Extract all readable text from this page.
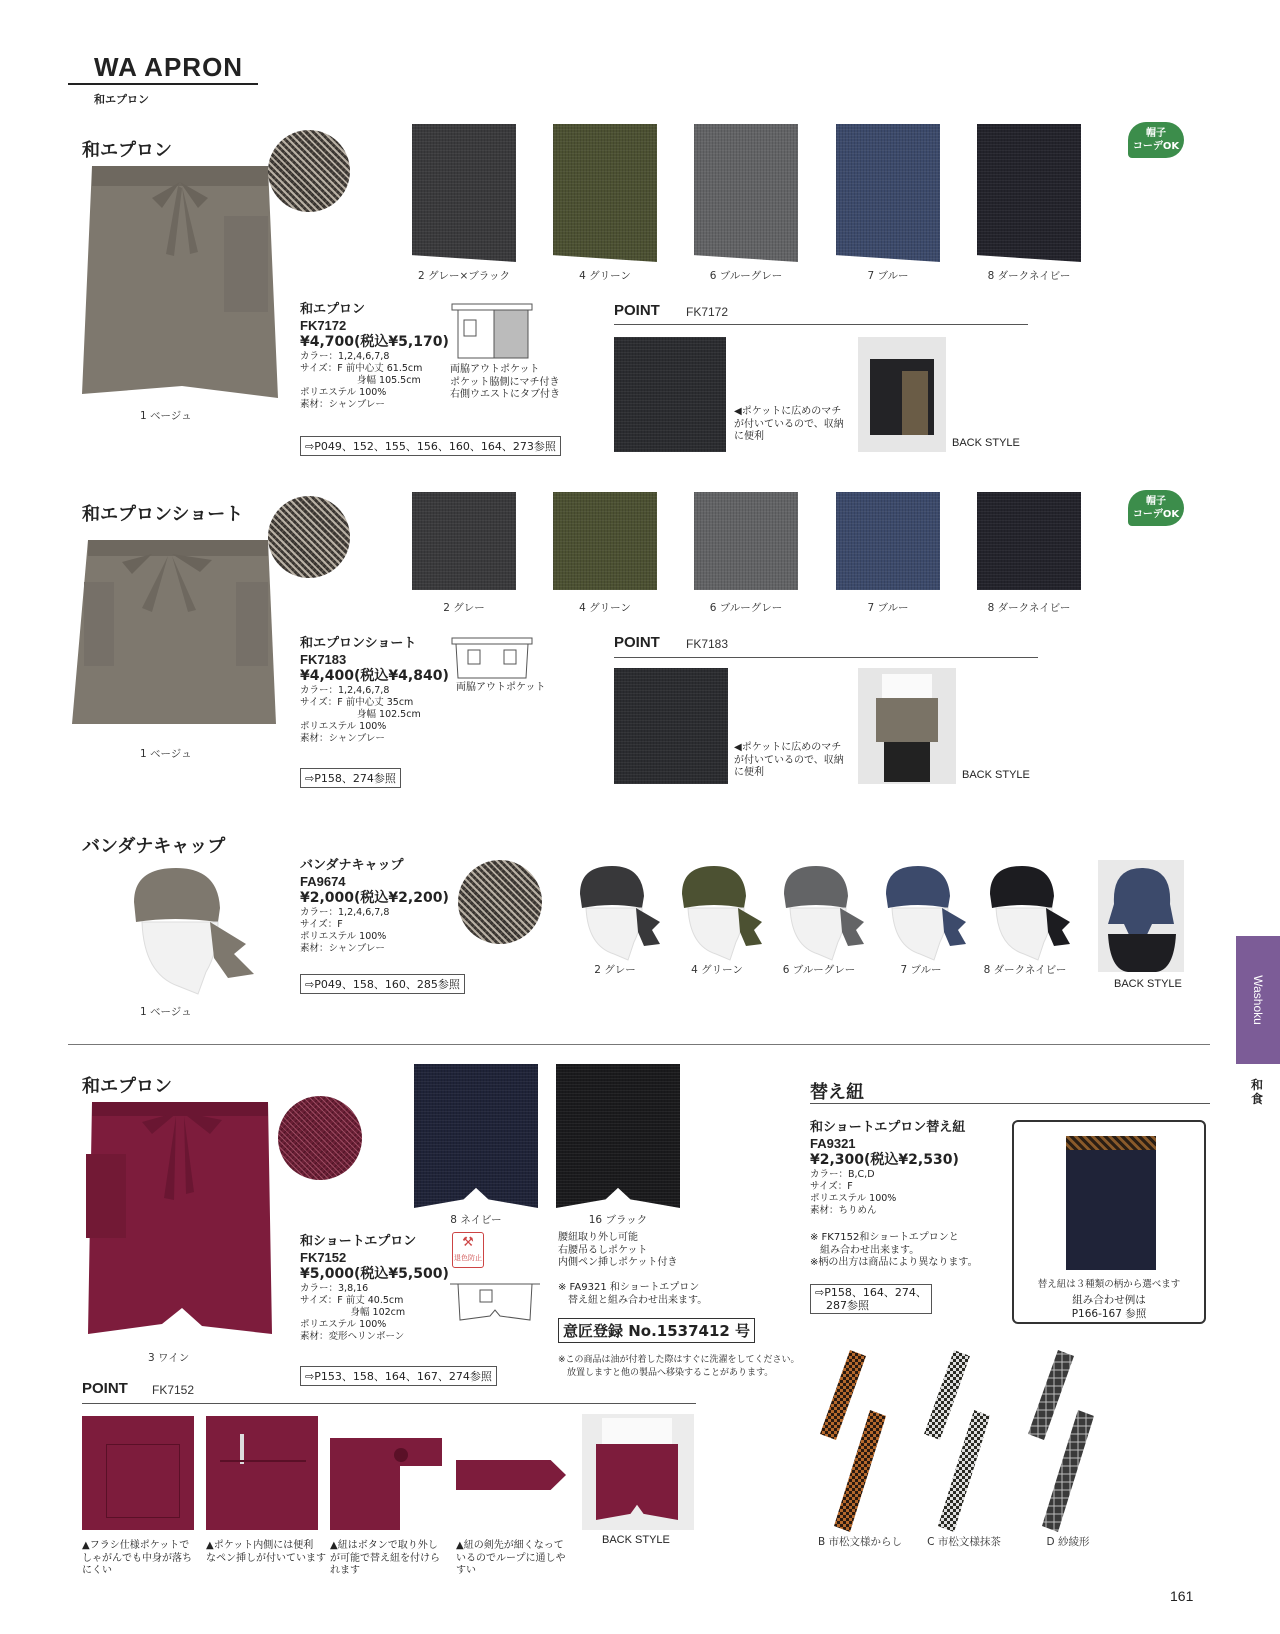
WA APRON
和エプロン
和エプロン
1 ベージュ
2 グレー×ブラック	4 グリーン	6 ブルーグレー	7 ブルー	8 ダークネイビー
帽子
コーデOK
和エプロン
FK7172
¥4,700(税込¥5,170)
カラー：1,2,4,6,7,8
サイズ：F 前中心丈 61.5cm
　　　　　　身幅 105.5cm
ポリエステル 100%
素材：シャンブレー
両脇アウトポケット
ポケット脇側にマチ付き
右側ウエストにタブ付き
⇨P049、152、155、156、160、164、273参照
POINT FK7172
◀ポケットに広めのマチ
が付いているので、収納
に便利
BACK STYLE
和エプロンショート
1 ベージュ
2 グレー	4 グリーン	6 ブルーグレー	7 ブルー	8 ダークネイビー
帽子
コーデOK
和エプロンショート
FK7183
¥4,400(税込¥4,840)
カラー：1,2,4,6,7,8
サイズ：F 前中心丈 35cm
　　　　　　身幅 102.5cm
ポリエステル 100%
素材：シャンブレー
両脇アウトポケット
⇨P158、274参照
POINT FK7183
◀ポケットに広めのマチ
が付いているので、収納
に便利	BACK STYLE
バンダナキャップ
1 ベージュ
バンダナキャップ
FA9674
¥2,000(税込¥2,200)
カラー：1,2,4,6,7,8
サイズ：F
ポリエステル 100%
素材：シャンブレー
⇨P049、158、160、285参照
2 グレー	4 グリーン	6 ブルーグレー	7 ブルー	8 ダークネイビー
BACK STYLE	Washoku
和食
和エプロン
3 ワイン
8 ネイビー	16 ブラック
和ショートエプロン
FK7152
¥5,000(税込¥5,500)
カラー：3,8,16
サイズ：F 前丈 40.5cm
　　　　　 身幅 102cm
ポリエステル 100%
素材：変形ヘリンボーン
⇨P153、158、164、167、274参照
⚒
退色防止
腰紐取り外し可能
右腰吊るしポケット
内側ペン挿しポケット付き
※ FA9321 和ショートエプロン
　替え紐と組み合わせ出来ます。
意匠登録 No.1537412 号
※この商品は油が付着した際はすぐに洗濯をしてください。
　放置しますと他の製品へ移染することがあります。
POINT FK7152
▲フラシ仕様ポケットで
しゃがんでも中身が落ち
にくい
▲ポケット内側には便利
なペン挿しが付いています
▲紐はボタンで取り外し
が可能で替え紐を付けら
れます
▲紐の剣先が細くなって
いるのでループに通しや
すい
BACK STYLE
替え紐
和ショートエプロン替え紐
FA9321
¥2,300(税込¥2,530)
カラー：B,C,D
サイズ：F
ポリエステル 100%
素材：ちりめん
※ FK7152和ショートエプロンと
　組み合わせ出来ます。
※柄の出方は商品により異なります。
⇨P158、164、274、
　287参照
替え紐は３種類の柄から選べます
組み合わせ例は
P166-167 参照
B 市松文様からし	C 市松文様抹茶	D 紗綾形
161
